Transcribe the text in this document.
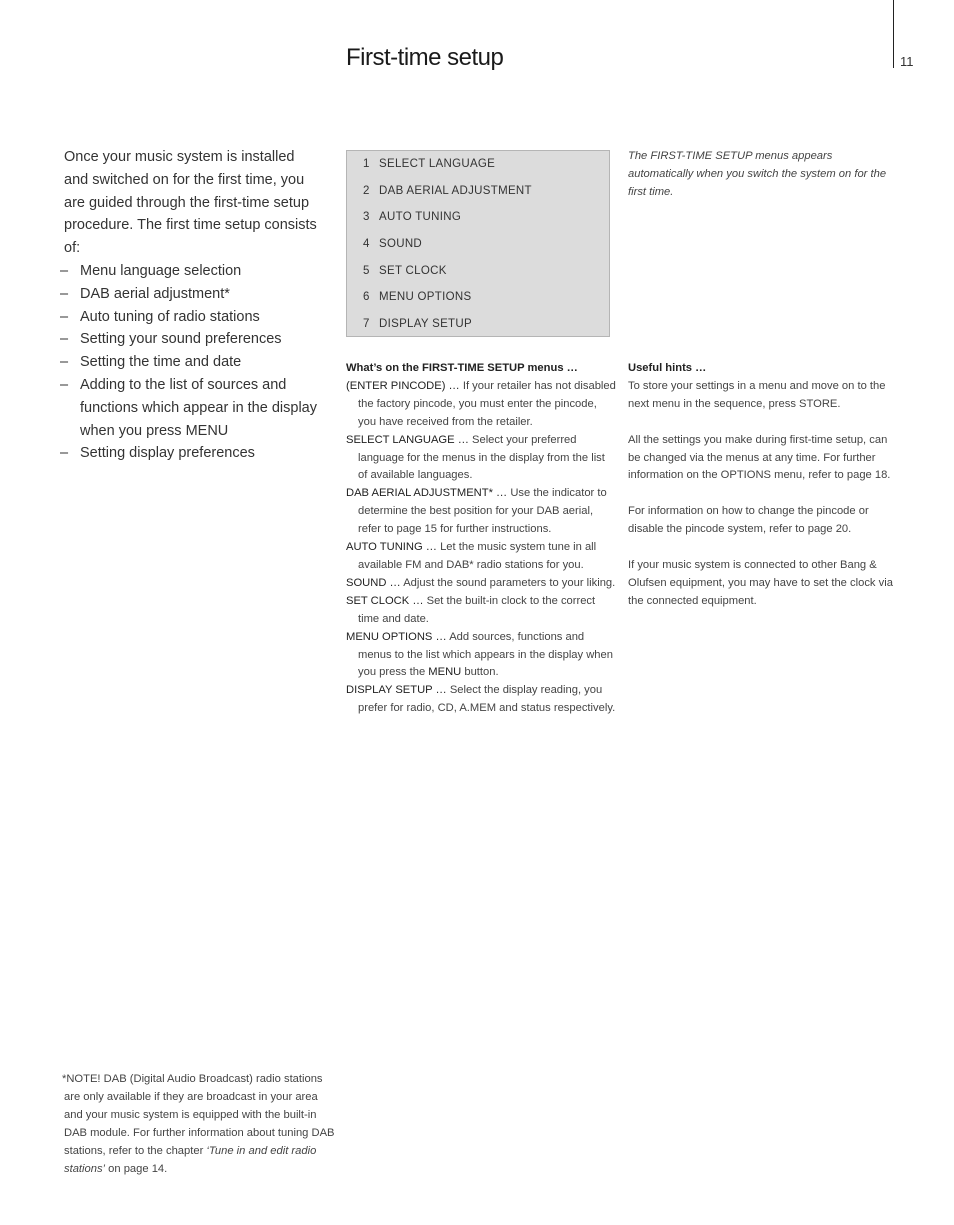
11
First-time setup

Once your music system is installed and switched on for the first time, you are guided through the first-time setup procedure. The first time setup consists of:

– Menu language selection
– DAB aerial adjustment*
– Auto tuning of radio stations
– Setting your sound preferences
– Setting the time and date
– Adding to the list of sources and functions which appear in the display when you press MENU
– Setting display preferences
1 SELECT LANGUAGE
2 DAB AERIAL ADJUSTMENT
3 AUTO TUNING
4 SOUND
5 SET CLOCK
6 MENU OPTIONS
7 DISPLAY SETUP
The FIRST-TIME SETUP menus appears automatically when you switch the system on for the first time.
What’s on the FIRST-TIME SETUP menus …
(ENTER PINCODE) … If your retailer has not disabled the factory pincode, you must enter the pincode, you have received from the retailer.
SELECT LANGUAGE … Select your preferred language for the menus in the display from the list of available languages.
DAB AERIAL ADJUSTMENT* … Use the indicator to determine the best position for your DAB aerial, refer to page 15 for further instructions.
AUTO TUNING … Let the music system tune in all available FM and DAB* radio stations for you.
SOUND … Adjust the sound parameters to your liking.
SET CLOCK … Set the built-in clock to the correct time and date.
MENU OPTIONS … Add sources, functions and menus to the list which appears in the display when you press the MENU button.
DISPLAY SETUP … Select the display reading, you prefer for radio, CD, A.MEM and status respectively.
Useful hints …
To store your settings in a menu and move on to the next menu in the sequence, press STORE.
All the settings you make during first-time setup, can be changed via the menus at any time. For further information on the OPTIONS menu, refer to page 18.
For information on how to change the pincode or disable the pincode system, refer to page 20.
If your music system is connected to other Bang & Olufsen equipment, you may have to set the clock via the connected equipment.
*NOTE! DAB (Digital Audio Broadcast) radio stations are only available if they are broadcast in your area and your music system is equipped with the built-in DAB module. For further information about tuning DAB stations, refer to the chapter ‘Tune in and edit radio stations’ on page 14.
